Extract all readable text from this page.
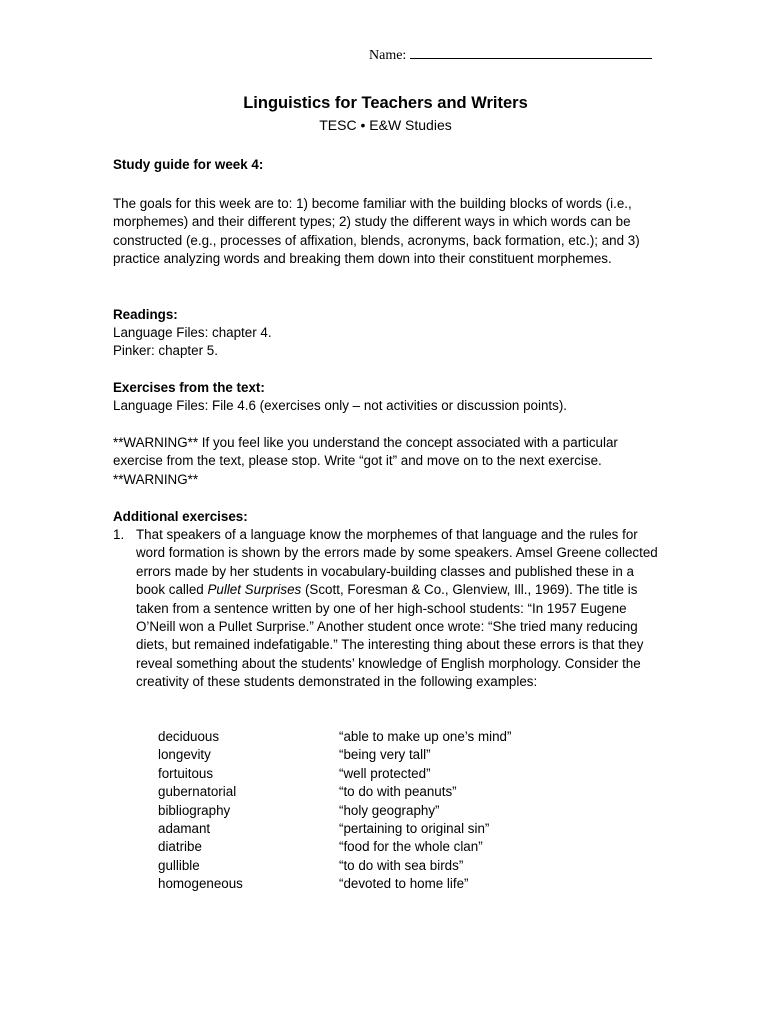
Name:
Linguistics for Teachers and Writers
TESC • E&W Studies
Study guide for week 4:

The goals for this week are to: 1) become familiar with the building blocks of words (i.e., morphemes) and their different types; 2) study the different ways in which words can be constructed (e.g., processes of affixation, blends, acronyms, back formation, etc.); and 3) practice analyzing words and breaking them down into their constituent morphemes.

Readings:
Language Files: chapter 4.
Pinker: chapter 5.
Exercises from the text:
Language Files: File 4.6 (exercises only – not activities or discussion points).

**WARNING** If you feel like you understand the concept associated with a particular exercise from the text, please stop. Write “got it” and move on to the next exercise.
**WARNING**

Additional exercises:
1. That speakers of a language know the morphemes of that language and the rules for word formation is shown by the errors made by some speakers. Amsel Greene collected errors made by her students in vocabulary-building classes and published these in a book called Pullet Surprises (Scott, Foresman & Co., Glenview, Ill., 1969). The title is taken from a sentence written by one of her high-school students: “In 1957 Eugene O’Neill won a Pullet Surprise.” Another student once wrote: “She tried many reducing diets, but remained indefatigable.” The interesting thing about these errors is that they reveal something about the students’ knowledge of English morphology. Consider the creativity of these students demonstrated in the following examples:

deciduous	“able to make up one’s mind”
longevity	“being very tall”
fortuitous	“well protected”
gubernatorial	“to do with peanuts”
bibliography	“holy geography”
adamant	“pertaining to original sin”
diatribe	“food for the whole clan”
gullible	“to do with sea birds”
homogeneous	“devoted to home life”
